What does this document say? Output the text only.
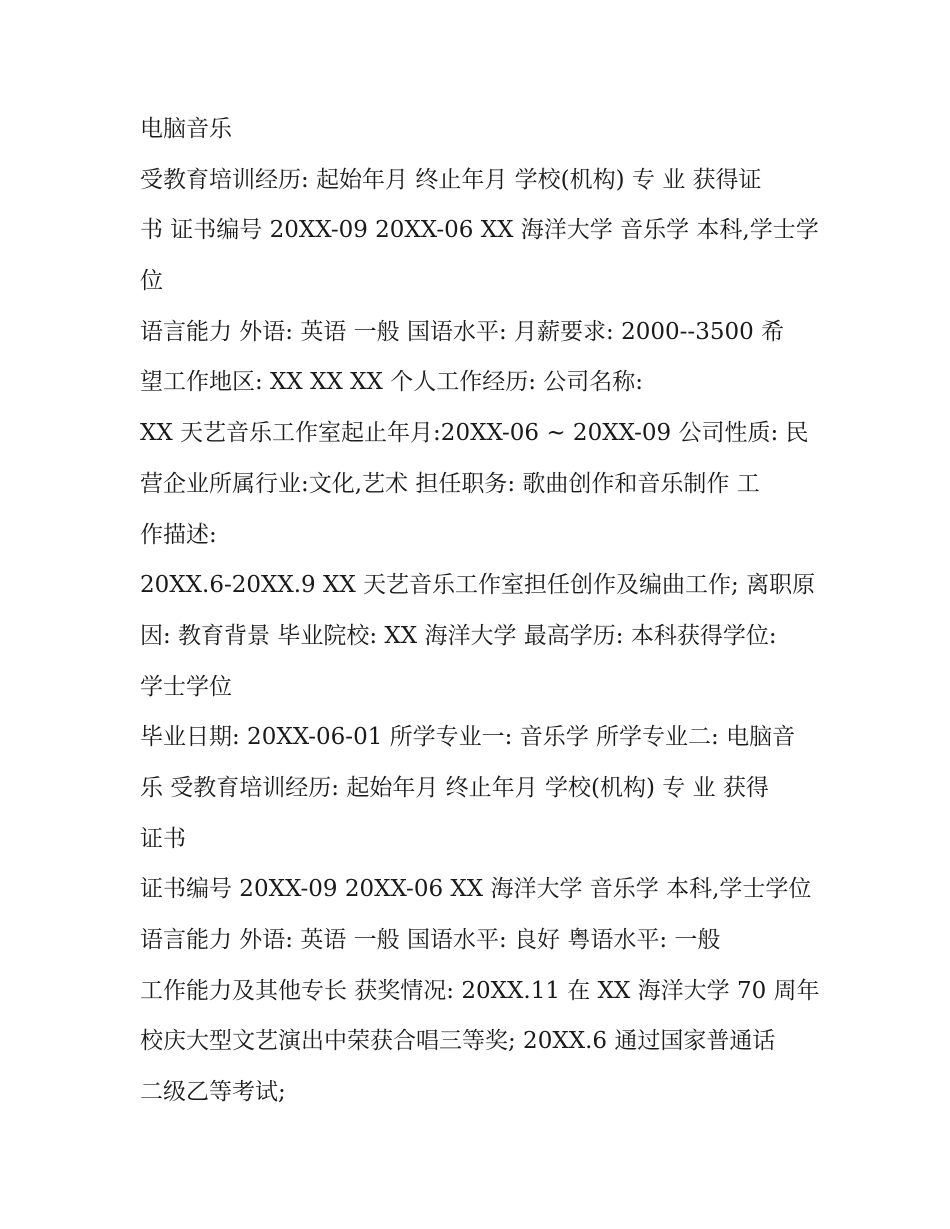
电脑音乐
受教育培训经历: 起始年月 终止年月 学校(机构) 专 业 获得证
书 证书编号 20XX-09 20XX-06 XX 海洋大学 音乐学 本科,学士学
位
语言能力 外语: 英语 一般 国语水平: 月薪要求: 2000--3500 希
望工作地区: XX XX XX 个人工作经历: 公司名称:
XX 天艺音乐工作室起止年月:20XX-06 ~ 20XX-09 公司性质: 民
营企业所属行业:文化,艺术 担任职务: 歌曲创作和音乐制作 工
作描述:
20XX.6-20XX.9 XX 天艺音乐工作室担任创作及编曲工作; 离职原
因: 教育背景 毕业院校: XX 海洋大学 最高学历: 本科获得学位:
学士学位
毕业日期: 20XX-06-01 所学专业一: 音乐学 所学专业二: 电脑音
乐 受教育培训经历: 起始年月 终止年月 学校(机构) 专 业 获得
证书
证书编号 20XX-09 20XX-06 XX 海洋大学 音乐学 本科,学士学位
语言能力 外语: 英语 一般 国语水平: 良好 粤语水平: 一般
工作能力及其他专长 获奖情况: 20XX.11 在 XX 海洋大学 70 周年
校庆大型文艺演出中荣获合唱三等奖; 20XX.6 通过国家普通话
二级乙等考试;
